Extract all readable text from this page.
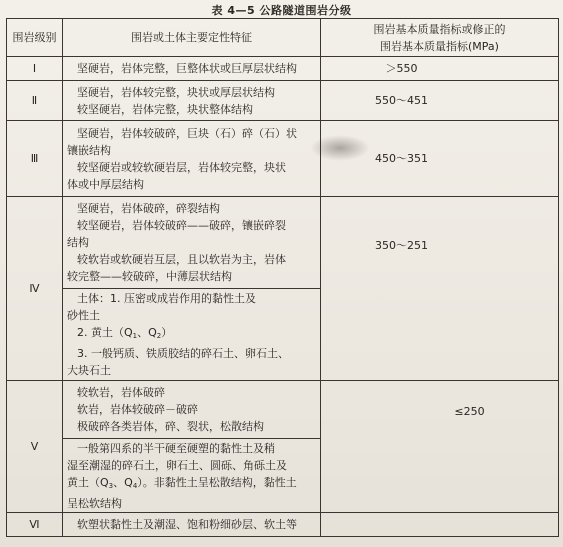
表 4—5 公路隧道围岩分级
围岩级别	围岩或土体主要定性特征	围岩基本质量指标或修正的
围岩基本质量指标(MPa)

Ⅰ	坚硬岩，岩体完整，巨整体状或巨厚层状结构	＞550
Ⅱ	坚硬岩，岩体较完整，块状或厚层状结构
较坚硬岩，岩体完整，块状整体结构	550～451
Ⅲ	坚硬岩，岩体较破碎，巨块（石）碎（石）状
镶嵌结构
较坚硬岩或较软硬岩层，岩体较完整，块状
体或中厚层结构	450～351
Ⅳ	坚硬岩，岩体破碎，碎裂结构
较坚硬岩，岩体较破碎——破碎，镶嵌碎裂
结构
较软岩或软硬岩互层，且以软岩为主，岩体
较完整——较破碎，中薄层状结构	350～251

	土体：1. 压密或成岩作用的黏性土及
砂性土
2. 黄土（$Q_1$、$Q_2$）
3. 一般钙质、铁质胶结的碎石土、卵石土、
大块石土	

Ⅴ	较软岩，岩体破碎
软岩，岩体较破碎－破碎
极破碎各类岩体，碎、裂状，松散结构	≤250

	一般第四系的半干硬至硬塑的黏性土及稍
湿至潮湿的碎石土，卵石土、圆砾、角砾土及
黄土（$Q_3$、$Q_4$）。非黏性土呈松散结构，黏性土
呈松软结构	

Ⅵ	软塑状黏性土及潮湿、饱和粉细砂层、软土等	
